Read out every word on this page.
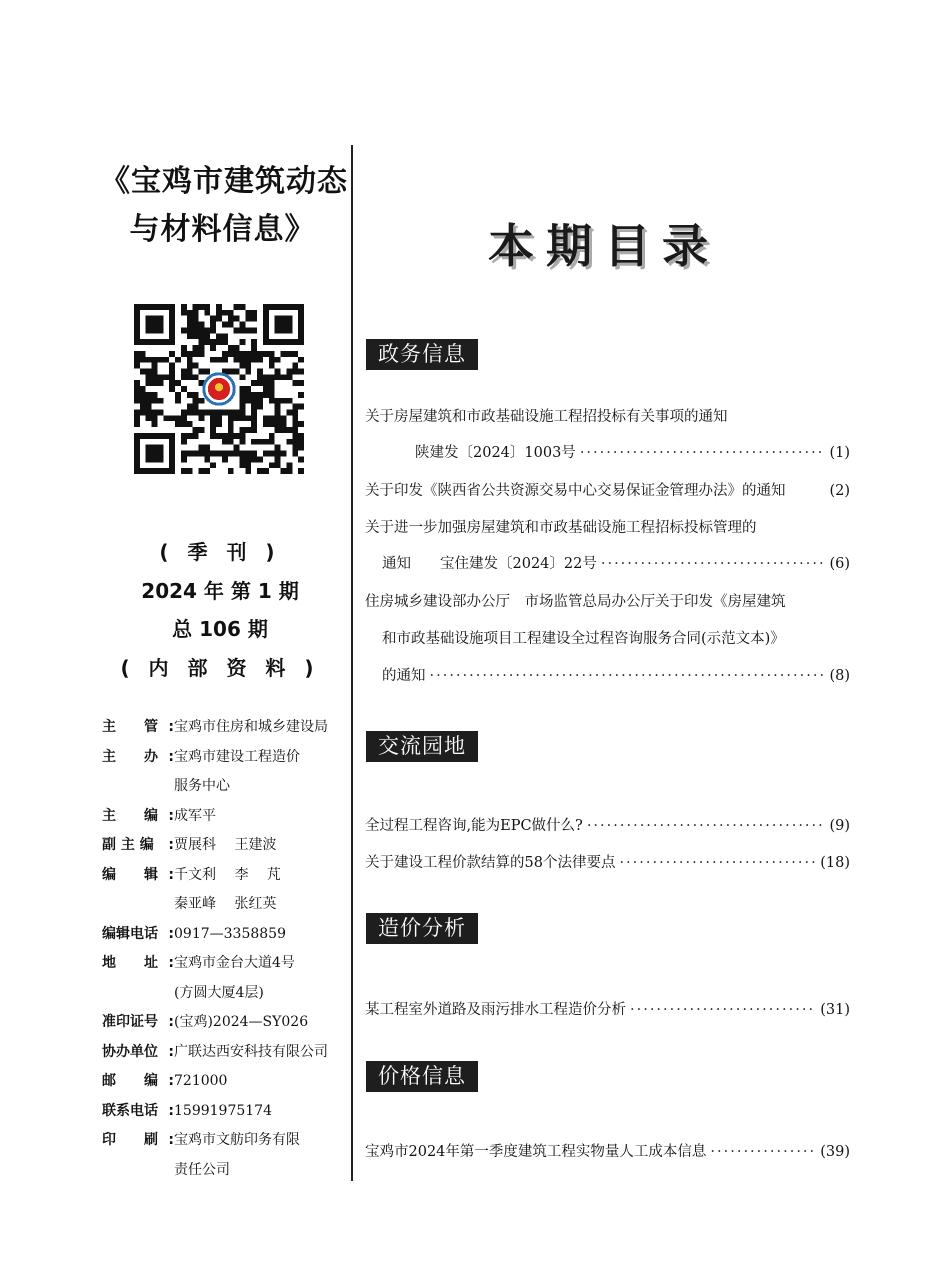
《宝鸡市建筑动态
与材料信息》
( 季 刊 )
2024 年 第 1 期
总 106 期
( 内 部 资 料 )
主　　管 : 宝鸡市住房和城乡建设局
主　　办 : 宝鸡市建设工程造价
服务中心
主　　编 : 成军平
副 主 编 : 贾展科　 王建波
编　　辑 : 千文利　 李　 芃
秦亚峰　 张红英
编辑电话 : 0917—3358859
地　　址 : 宝鸡市金台大道4号
(方圆大厦4层)
准印证号 : (宝鸡)2024—SY026
协办单位 : 广联达西安科技有限公司
邮　　编 : 721000
联系电话 : 15991975174
印　　刷 : 宝鸡市文舫印务有限
责任公司
本期目录
政务信息
关于房屋建筑和市政基础设施工程招投标有关事项的通知
陕建发〔2024〕1003号 ·····	(1)
关于印发《陕西省公共资源交易中心交易保证金管理办法》的通知	(2)
关于进一步加强房屋建筑和市政基础设施工程招标投标管理的
通知　　宝住建发〔2024〕22号 ·····	(6)
住房城乡建设部办公厅　市场监管总局办公厅关于印发《房屋建筑
和市政基础设施项目工程建设全过程咨询服务合同(示范文本)》
的通知 ·····	(8)
交流园地
全过程工程咨询,能为EPC做什么? ·····	(9)
关于建设工程价款结算的58个法律要点 ·····	(18)
造价分析
某工程室外道路及雨污排水工程造价分析 ·····	(31)
价格信息
宝鸡市2024年第一季度建筑工程实物量人工成本信息 ·····	(39)
